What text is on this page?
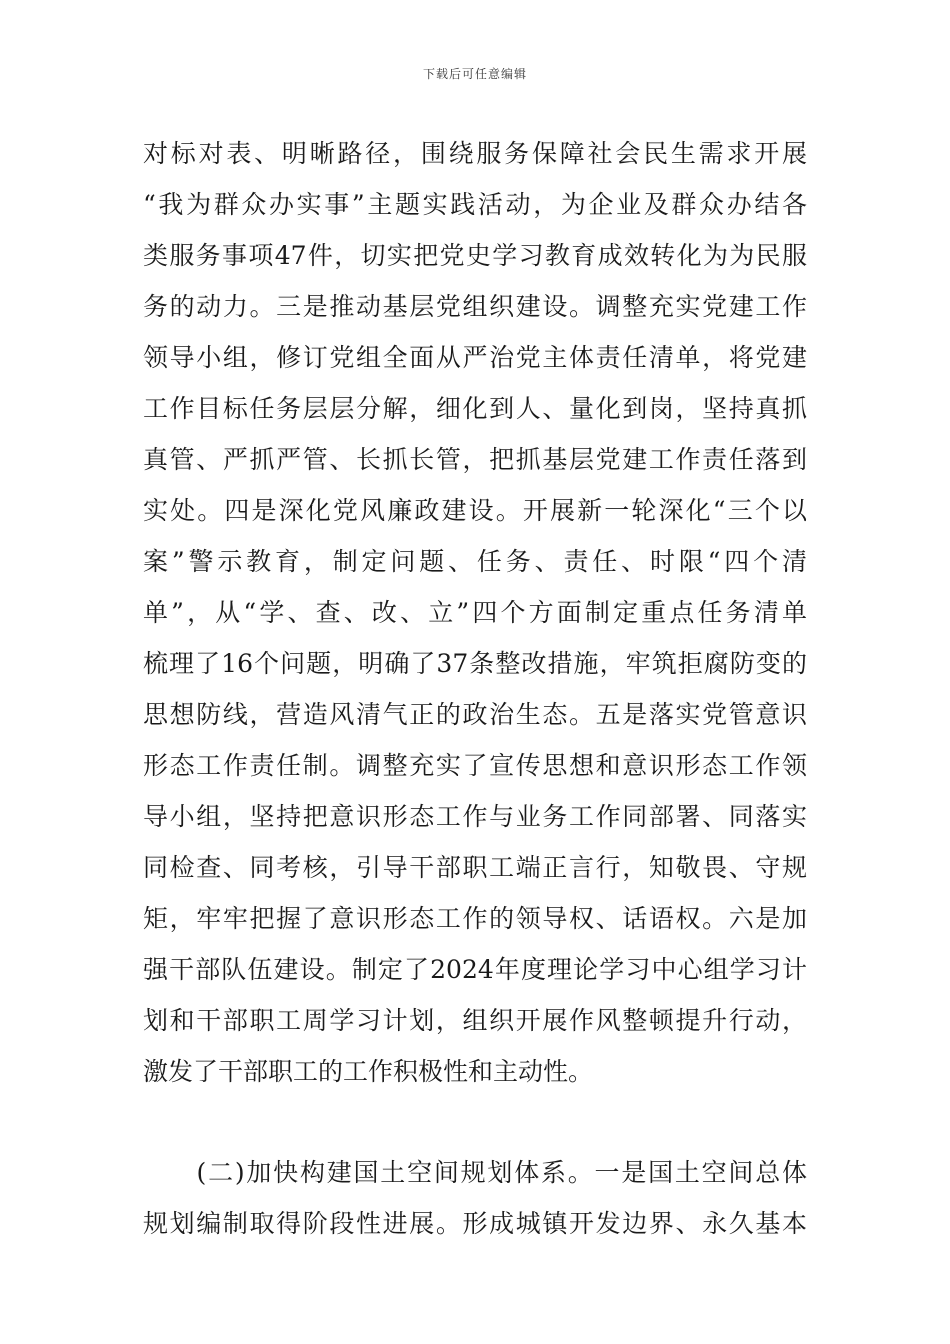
下载后可任意编辑
对标对表、明晰路径，围绕服务保障社会民生需求开展
“我为群众办实事”主题实践活动，为企业及群众办结各
类服务事项47件，切实把党史学习教育成效转化为为民服
务的动力。三是推动基层党组织建设。调整充实党建工作
领导小组，修订党组全面从严治党主体责任清单，将党建
工作目标任务层层分解，细化到人、量化到岗，坚持真抓
真管、严抓严管、长抓长管，把抓基层党建工作责任落到
实处。四是深化党风廉政建设。开展新一轮深化“三个以
案”警示教育，制定问题、任务、责任、时限“四个清
单”，从“学、查、改、立”四个方面制定重点任务清单
梳理了16个问题，明确了37条整改措施，牢筑拒腐防变的
思想防线，营造风清气正的政治生态。五是落实党管意识
形态工作责任制。调整充实了宣传思想和意识形态工作领
导小组，坚持把意识形态工作与业务工作同部署、同落实
同检查、同考核，引导干部职工端正言行，知敬畏、守规
矩，牢牢把握了意识形态工作的领导权、话语权。六是加
强干部队伍建设。制定了2024年度理论学习中心组学习计
划和干部职工周学习计划，组织开展作风整顿提升行动，
激发了干部职工的工作积极性和主动性。
　　(二)加快构建国土空间规划体系。一是国土空间总体
规划编制取得阶段性进展。形成城镇开发边界、永久基本
